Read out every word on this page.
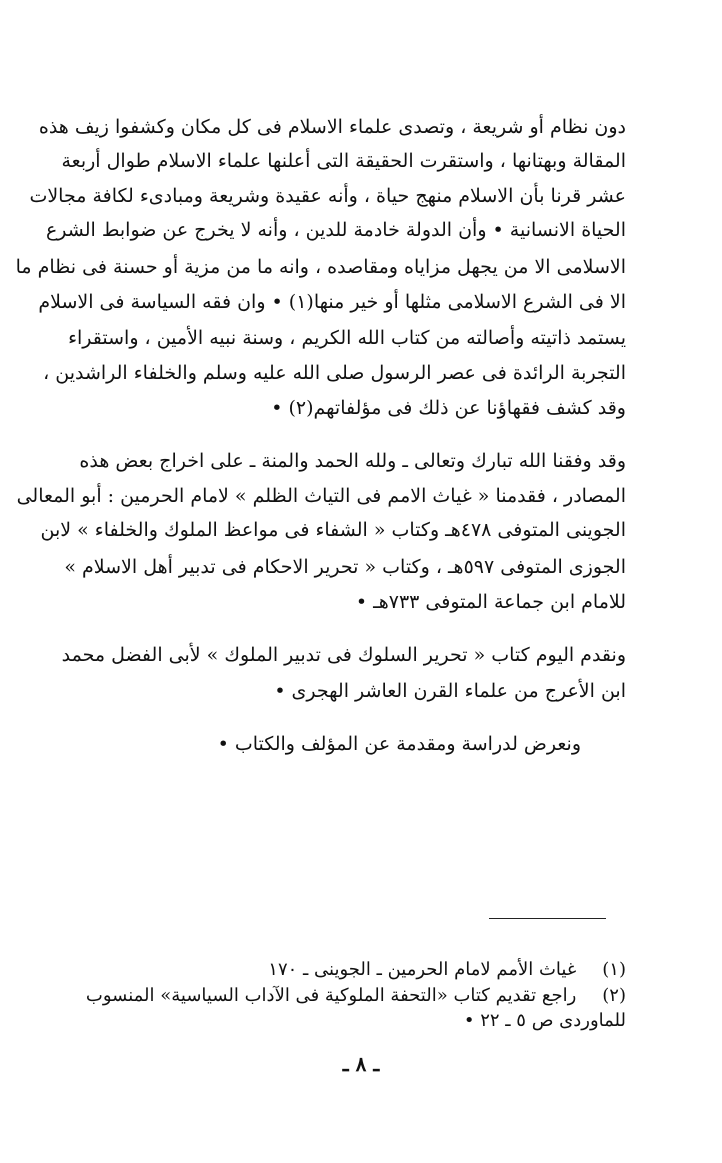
دون نظام أو شريعة ، وتصدى علماء الاسلام فى كل مكان وكشفوا زيف هذه
المقالة وبهتانها ، واستقرت الحقيقة التى أعلنها علماء الاسلام طوال أربعة
عشر قرنا بأن الاسلام منهج حياة ، وأنه عقيدة وشريعة ومبادىء لكافة مجالات
الحياة الانسانية • وأن الدولة خادمة للدين ، وأنه لا يخرج عن ضوابط الشرع
الاسلامى الا من يجهل مزاياه ومقاصده ، وانه ما من مزية أو حسنة فى نظام ما
الا فى الشرع الاسلامى مثلها أو خير منها(١) • وان فقه السياسة فى الاسلام
يستمد ذاتيته وأصالته من كتاب الله الكريم ، وسنة نبيه الأمين ، واستقراء
التجربة الرائدة فى عصر الرسول صلى الله عليه وسلم والخلفاء الراشدين ،
وقد كشف فقهاؤنا عن ذلك فى مؤلفاتهم(٢) •
وقد وفقنا الله تبارك وتعالى ـ ولله الحمد والمنة ـ على اخراج بعض هذه
المصادر ، فقدمنا « غياث الامم فى التياث الظلم » لامام الحرمين : أبو المعالى
الجوينى المتوفى ٤٧٨هـ وكتاب « الشفاء فى مواعظ الملوك والخلفاء » لابن
الجوزى المتوفى ٥٩٧هـ ، وكتاب « تحرير الاحكام فى تدبير أهل الاسلام »
للامام ابن جماعة المتوفى ٧٣٣هـ •
ونقدم اليوم كتاب « تحرير السلوك فى تدبير الملوك » لأبى الفضل محمد
ابن الأعرج من علماء القرن العاشر الهجرى •
ونعرض لدراسة ومقدمة عن المؤلف والكتاب •
(١) غياث الأمم لامام الحرمين ـ الجوينى ـ ١٧٠
(٢) راجع تقديم كتاب «التحفة الملوكية فى الآداب السياسية» المنسوب
للماوردى ص ٥ ـ ٢٢ •
ـ ٨ ـ
